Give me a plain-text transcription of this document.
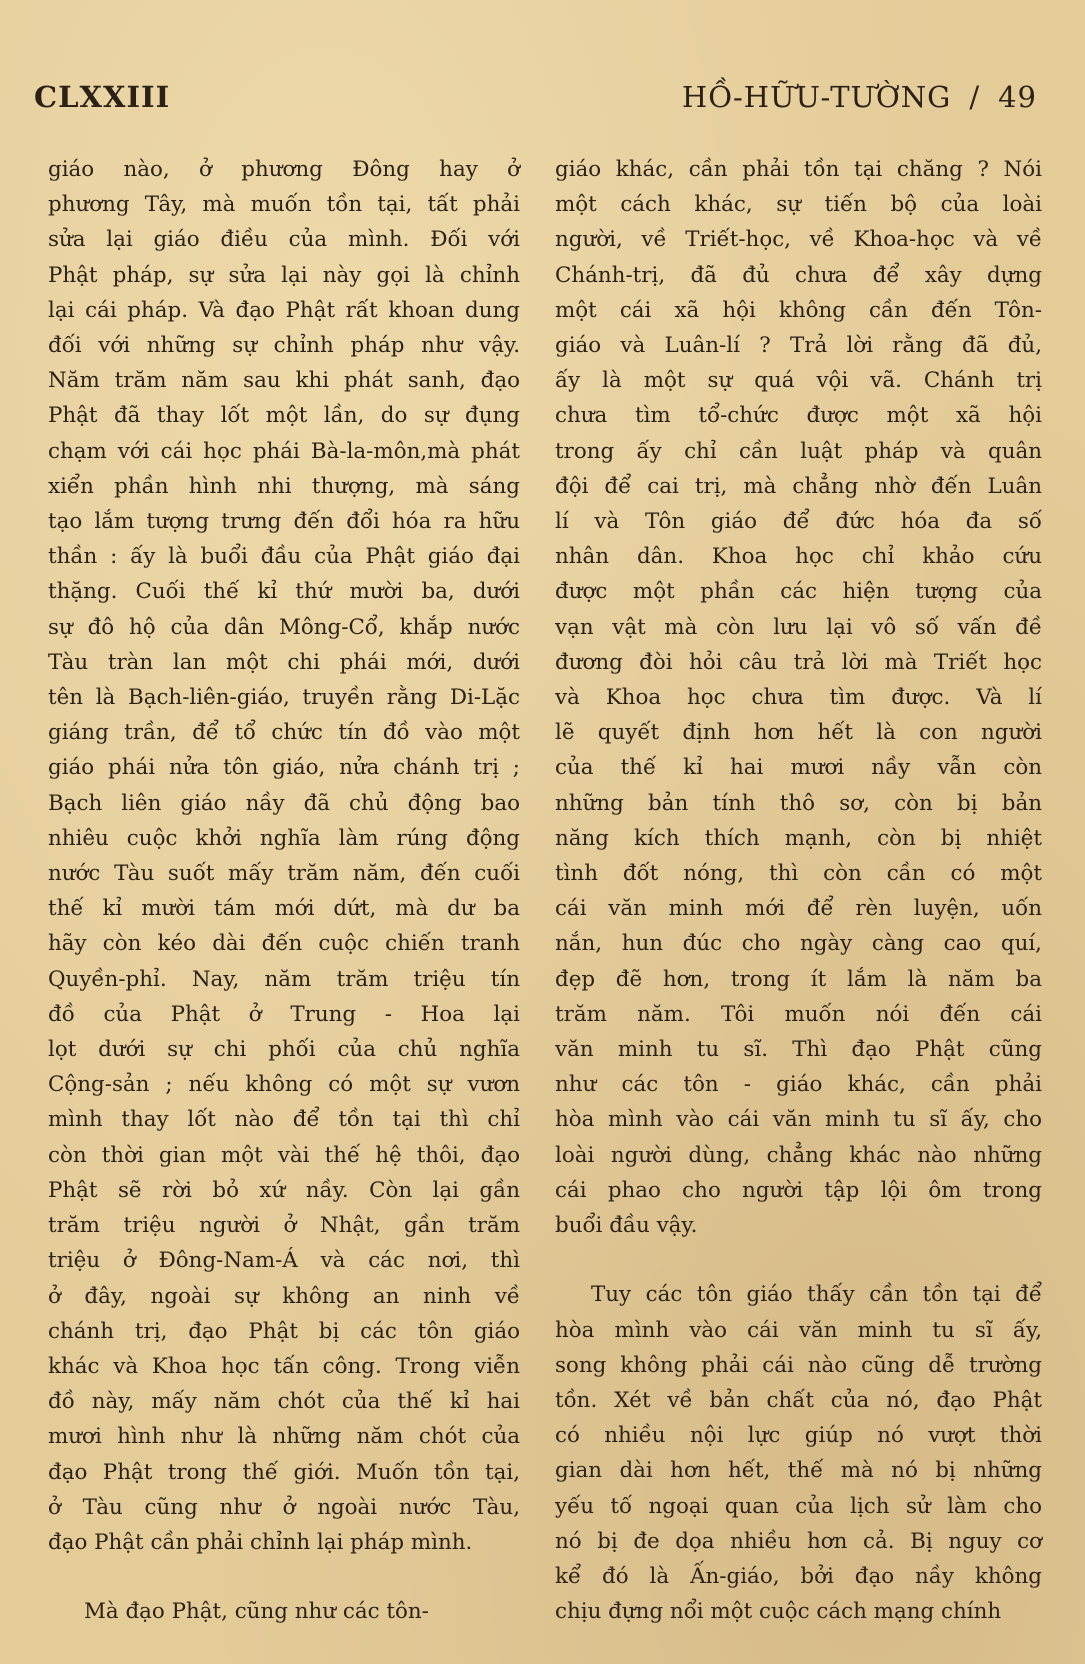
CLXXIII	HỒ-HỮU-TƯỜNG / 49
giáo nào, ở phương Đông hay ở
phương Tây, mà muốn tồn tại, tất phải
sửa lại giáo điều của mình. Đối với
Phật pháp, sự sửa lại này gọi là chỉnh
lại cái pháp. Và đạo Phật rất khoan dung
đối với những sự chỉnh pháp như vậy.
Năm trăm năm sau khi phát sanh, đạo
Phật đã thay lốt một lần, do sự đụng
chạm với cái học phái Bà-la-môn,mà phát
xiển phần hình nhi thượng, mà sáng
tạo lắm tượng trưng đến đổi hóa ra hữu
thần : ấy là buổi đầu của Phật giáo đại
thặng. Cuối thế kỉ thứ mười ba, dưới
sự đô hộ của dân Mông-Cổ, khắp nước
Tàu tràn lan một chi phái mới, dưới
tên là Bạch-liên-giáo, truyền rằng Di-Lặc
giáng trần, để tổ chức tín đồ vào một
giáo phái nửa tôn giáo, nửa chánh trị ;
Bạch liên giáo nầy đã chủ động bao
nhiêu cuộc khởi nghĩa làm rúng động
nước Tàu suốt mấy trăm năm, đến cuối
thế kỉ mười tám mới dứt, mà dư ba
hãy còn kéo dài đến cuộc chiến tranh
Quyền-phỉ. Nay, năm trăm triệu tín
đồ của Phật ở Trung - Hoa lại
lọt dưới sự chi phối của chủ nghĩa
Cộng-sản ; nếu không có một sự vươn
mình thay lốt nào để tồn tại thì chỉ
còn thời gian một vài thế hệ thôi, đạo
Phật sẽ rời bỏ xứ nầy. Còn lại gần
trăm triệu người ở Nhật, gần trăm
triệu ở Đông-Nam-Á và các nơi, thì
ở đây, ngoài sự không an ninh về
chánh trị, đạo Phật bị các tôn giáo
khác và Khoa học tấn công. Trong viễn
đồ này, mấy năm chót của thế kỉ hai
mươi hình như là những năm chót của
đạo Phật trong thế giới. Muốn tồn tại,
ở Tàu cũng như ở ngoài nước Tàu,
đạo Phật cần phải chỉnh lại pháp mình.
Mà đạo Phật, cũng như các tôn-
giáo khác, cần phải tồn tại chăng ? Nói
một cách khác, sự tiến bộ của loài
người, về Triết-học, về Khoa-học và về
Chánh-trị, đã đủ chưa để xây dựng
một cái xã hội không cần đến Tôn-
giáo và Luân-lí ? Trả lời rằng đã đủ,
ấy là một sự quá vội vã. Chánh trị
chưa tìm tổ-chức được một xã hội
trong ấy chỉ cần luật pháp và quân
đội để cai trị, mà chẳng nhờ đến Luân
lí và Tôn giáo để đức hóa đa số
nhân dân. Khoa học chỉ khảo cứu
được một phần các hiện tượng của
vạn vật mà còn lưu lại vô số vấn đề
đương đòi hỏi câu trả lời mà Triết học
và Khoa học chưa tìm được. Và lí
lẽ quyết định hơn hết là con người
của thế kỉ hai mươi nầy vẫn còn
những bản tính thô sơ, còn bị bản
năng kích thích mạnh, còn bị nhiệt
tình đốt nóng, thì còn cần có một
cái văn minh mới để rèn luyện, uốn
nắn, hun đúc cho ngày càng cao quí,
đẹp đẽ hơn, trong ít lắm là năm ba
trăm năm. Tôi muốn nói đến cái
văn minh tu sĩ. Thì đạo Phật cũng
như các tôn - giáo khác, cần phải
hòa mình vào cái văn minh tu sĩ ấy, cho
loài người dùng, chẳng khác nào những
cái phao cho người tập lội ôm trong
buổi đầu vậy.
Tuy các tôn giáo thấy cần tồn tại để
hòa mình vào cái văn minh tu sĩ ấy,
song không phải cái nào cũng dễ trường
tồn. Xét về bản chất của nó, đạo Phật
có nhiều nội lực giúp nó vượt thời
gian dài hơn hết, thế mà nó bị những
yếu tố ngoại quan của lịch sử làm cho
nó bị đe dọa nhiều hơn cả. Bị nguy cơ
kể đó là Ấn-giáo, bởi đạo nầy không
chịu đựng nổi một cuộc cách mạng chính
